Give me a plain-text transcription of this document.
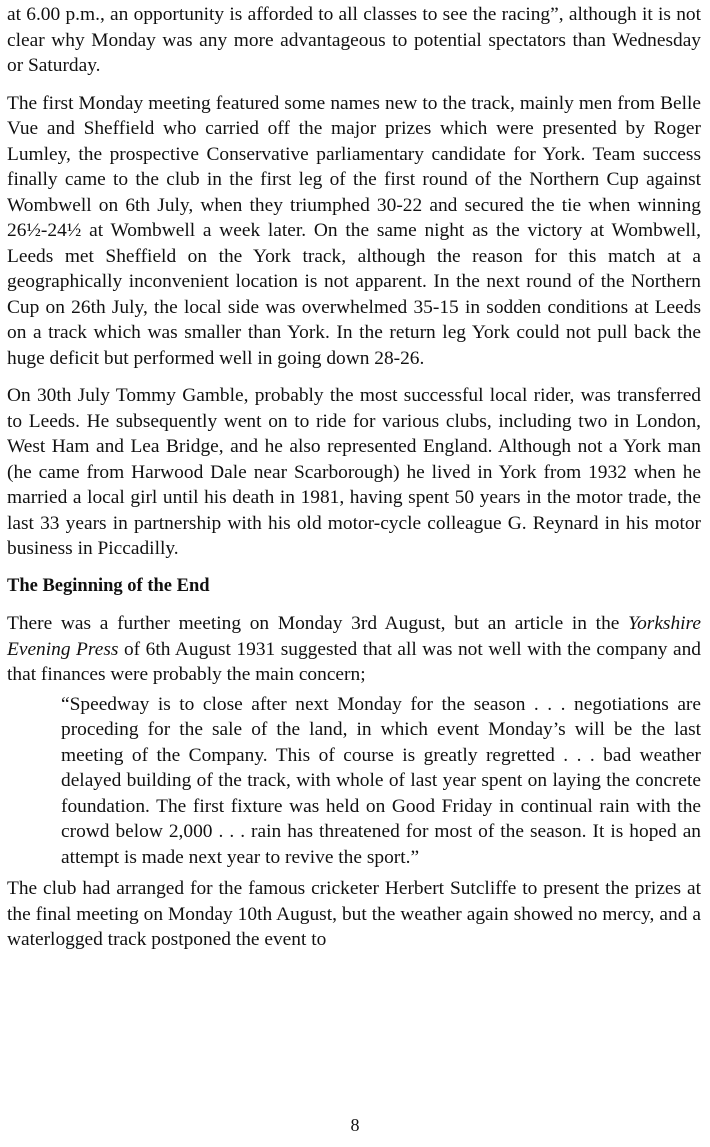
at 6.00 p.m., an opportunity is afforded to all classes to see the racing”, although it is not clear why Monday was any more advantageous to potential spectators than Wednesday or Saturday.

The first Monday meeting featured some names new to the track, mainly men from Belle Vue and Sheffield who carried off the major prizes which were presented by Roger Lumley, the prospective Conservative parliamentary candidate for York. Team success finally came to the club in the first leg of the first round of the Northern Cup against Wombwell on 6th July, when they triumphed 30-22 and secured the tie when winning 26½-24½ at Wombwell a week later. On the same night as the victory at Wombwell, Leeds met Sheffield on the York track, although the reason for this match at a geographically inconvenient location is not apparent. In the next round of the Northern Cup on 26th July, the local side was overwhelmed 35-15 in sodden conditions at Leeds on a track which was smaller than York. In the return leg York could not pull back the huge deficit but performed well in going down 28-26.

On 30th July Tommy Gamble, probably the most successful local rider, was transferred to Leeds. He subsequently went on to ride for various clubs, including two in London, West Ham and Lea Bridge, and he also represented England. Although not a York man (he came from Harwood Dale near Scarborough) he lived in York from 1932 when he married a local girl until his death in 1981, having spent 50 years in the motor trade, the last 33 years in partnership with his old motor-cycle colleague G. Reynard in his motor business in Piccadilly.

The Beginning of the End

There was a further meeting on Monday 3rd August, but an article in the Yorkshire Evening Press of 6th August 1931 suggested that all was not well with the company and that finances were probably the main concern;

“Speedway is to close after next Monday for the season . . . negotiations are proceding for the sale of the land, in which event Monday’s will be the last meeting of the Company. This of course is greatly regretted . . . bad weather delayed building of the track, with whole of last year spent on laying the concrete foundation. The first fixture was held on Good Friday in continual rain with the crowd below 2,000 . . . rain has threatened for most of the season. It is hoped an attempt is made next year to revive the sport.”

The club had arranged for the famous cricketer Herbert Sutcliffe to present the prizes at the final meeting on Monday 10th August, but the weather again showed no mercy, and a waterlogged track postponed the event to

8
